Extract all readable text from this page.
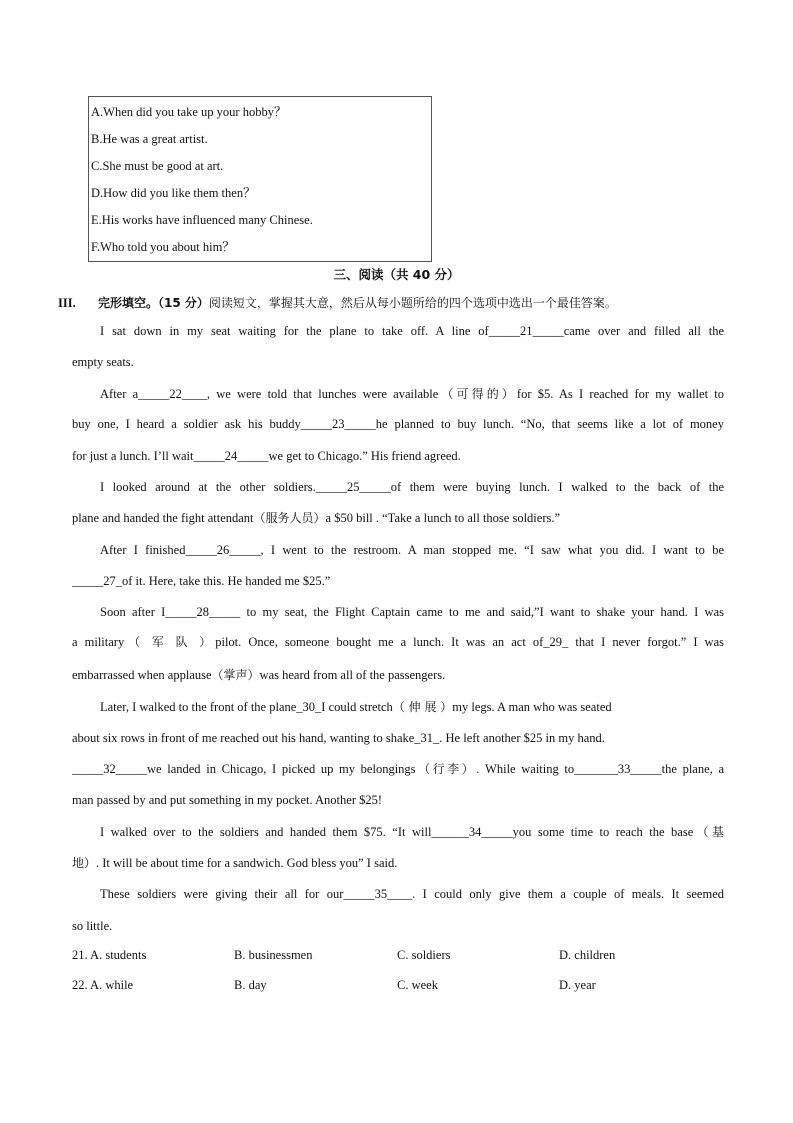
A.When did you take up your hobby？
B.He was a great artist.
C.She must be good at art.
D.How did you like them then？
E.His works have influenced many Chinese.
F.Who told you about him？
三、阅读（共 40 分）
III. 完形填空。（15 分）阅读短文，掌握其大意，然后从每小题所给的四个选项中选出一个最佳答案。
I sat down in my seat waiting for the plane to take off. A line of_____21_____came over and filled all the
empty seats.
After a_____22____, we were told that lunches were available（可得的）for $5. As I reached for my wallet to
buy one, I heard a soldier ask his buddy_____23_____he planned to buy lunch. “No, that seems like a lot of money
for just a lunch. I’ll wait_____24_____we get to Chicago.” His friend agreed.
I looked around at the other soldiers._____25_____of them were buying lunch. I walked to the back of the
plane and handed the fight attendant（服务人员）a $50 bill . “Take a lunch to all those soldiers.”
After I finished_____26_____, I went to the restroom. A man stopped me. “I saw what you did. I want to be
_____27_of it. Here, take this. He handed me $25.”
Soon after I_____28_____ to my seat, the Flight Captain came to me and said,”I want to shake your hand. I was
a military（ 军 队 ）pilot. Once, someone bought me a lunch. It was an act of_29_ that I never forgot.” I was
embarrassed when applause（掌声）was heard from all of the passengers.
Later, I walked to the front of the plane_30_I could stretch（ 伸 展 ）my legs. A man who was seated
about six rows in front of me reached out his hand, wanting to shake_31_. He left another $25 in my hand.
_____32_____we landed in Chicago, I picked up my belongings（行李）. While waiting to_______33_____the plane, a
man passed by and put something in my pocket. Another $25!
I walked over to the soldiers and handed them $75. “It will______34_____you some time to reach the base（基
地）. It will be about time for a sandwich. God bless you” I said.
These soldiers were giving their all for our_____35____. I could only give them a couple of meals. It seemed
so little.
21. A. students	B. businessmen	C. soldiers	D. children
22. A. while	B. day	C. week	D. year
